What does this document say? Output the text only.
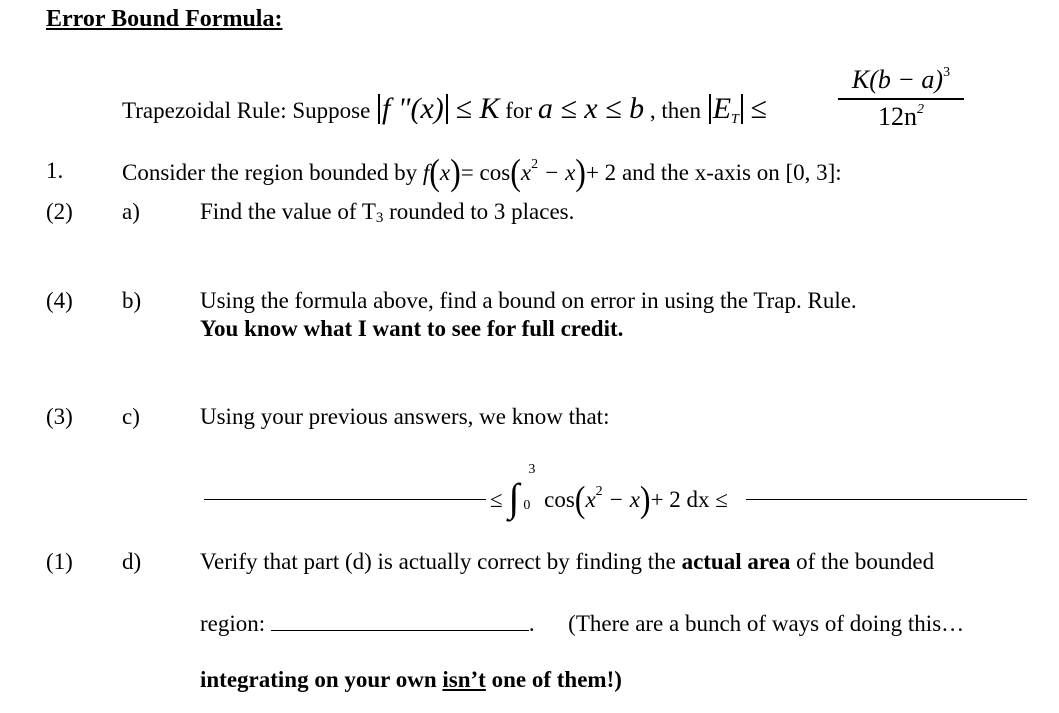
Error Bound Formula:
Trapezoidal Rule: Suppose f "(x) ≤ K for a ≤ x ≤ b , then $E_T$ ≤
$K(b - a)^3$
$12n^2$
1.	Consider the region bounded by $f(x)= \cos(x^2 - x)+ 2$ and the x-axis on [0, 3]:
(2) a)	Find the value of $T_3$ rounded to 3 places.
(4) b)	Using the formula above, find a bound on error in using the Trap. Rule.
You know what I want to see for full credit.
(3) c)	Using your previous answers, we know that:
≤ ∫
3
0 $\cos(x^2 - x)+ 2$ dx ≤
(1) d)	Verify that part (d) is actually correct by finding the actual area of the bounded
region:	. (There are a bunch of ways of doing this…
integrating on your own isn’t one of them!)
